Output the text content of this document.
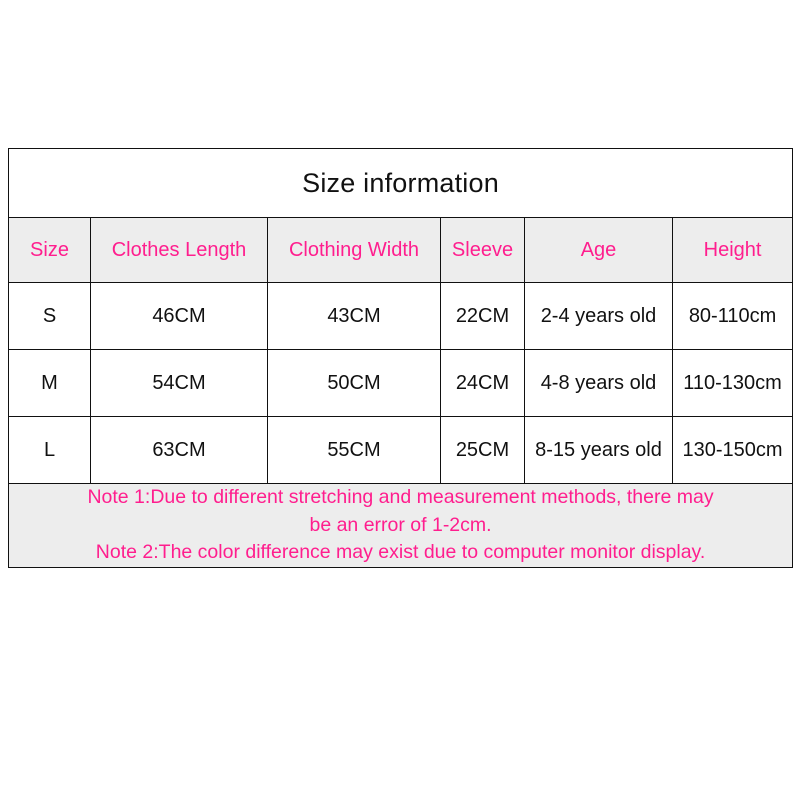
Size information					
Size	Clothes Length	Clothing Width	Sleeve	Age	Height
S	46CM	43CM	22CM	2-4 years old	80-110cm
M	54CM	50CM	24CM	4-8 years old	110-130cm
L	63CM	55CM	25CM	8-15 years old	130-150cm

Note 1:Due to different stretching and measurement methods, there may

be an error of 1-2cm.

Note 2:The color difference may exist due to computer monitor display.					
